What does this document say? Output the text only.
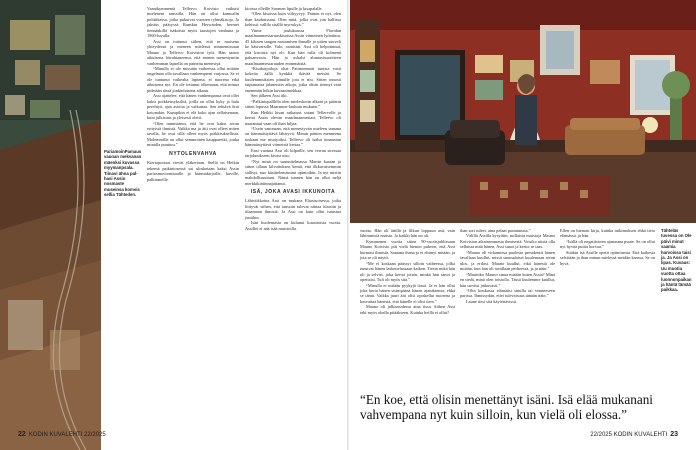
PariamoinPamaus vaunan mekvanan mäenksi kuvassa myymanpsala. Tiinavi ähna palhasi Assin nosmaste museinsa komsis sellia Tähteden.

Vanatkymmentä Tellervo Koivisto vaikutti mieleneni tanssilla. Hän on ollut kumoalin politiikassa, jotka puhuivat vuosien ryhmäkisoja. Ja jakstin pääsyssä Ranskin Herwärden, hermet tiennäskillä isäkoista myös taustojen vanhuna ja 1960-luvulla.

Assi on tottunut siihen, että se moisena yhteydessä ja meneen mielessä ninmemissaan Mauno ja Tellervo Koiviston työt. Hän sanoo aikuisena hävahtaneensa, että monen menestymiin vanhemman lapsella on paineita menestyä.

“Minulla ei ole missään vaiheessa ollut mitään ongelmaa olla tavallaan vanhempieni varjossa. Se ei ole tuntunut vaikealta lapsena, ei nuorena eikä aikuisena nyt. En ole tottunut olkemaan, että minua pidetään tässä jonkinlaisena aikaan.

Assi ajattelee, että hänen vanhempansa ovat ollet kaksi poikkeusyksilöä, joilla on ollut kyky ja halu perehtyä, ajaa asioita ja vaikuttaa. Sen tehtävä ikui kotonakin. Kumpikin ei elä koko ajan sellaisenaan, kuin julkisuus ja yleisesti oletti.

“Olen tunnistanut, että he ovat kaksi aivan erityistä ihmistä. Vaikka ma ja äiti ovat olleet miten tavalla, he ovat sillä olleet myös poikkeuksellisia. Molemmilla on ollut semmoinen kaupparetki, jonka minulla puuttuu.”

NYTOLENVAHVA

Kiertoportaat vievät yläkertaan. Stellä on Heikin tekemä paikintoseinä sai ulosketaan kaksi Assin pariosmovormitaulle ja kunniakirjoille, kuville, palkinnoille.

kioissa olleille Suomen lipulle ja kisapalalle.

“Olen kisoissa kuin viiltyyvyy. Painon ei nyt, olen ihan kauhuissani. Olen mitä, jolka ovat yan hallissa kehissä, vallila sisällä myrsskyä.”

Viime joulukuussa Floridan maailmanmestaruuskisoissa Assin viimeinen lyöntinsa, 45 kilosen tangon nostamisen ihmalle jo uitten suuveli ke käsivarsille. Valo, osmistui. Assi oli helpottunut, että kisoista nyt oli. Kun hän rulla oli kolmenä paluanvosta. Hän jo uskalsi aluntasisuoritteen maailmanmestaruuden enimmäistä.

“Kisaharjoiluja oliat Patimonmoti tuntsia vasti kokeita äällä kynkkä ikävää metsää. Se kuulennmuksien piinulle jota ei mu. Sitten innosti taipumassa jalaneisiin aikoja, jotka olisin tiennyt vain enemmän leikin kuvaanimekkaa.

Sen jälkeen Assi itki.

“Palkintopalllilla olen mieleskotin alkani ja päästin sitten lopussa Maarmine-lauluun mukaan.”

Kun Heikki kisan ratkaisut sotani Tellervolle ja kertoi Assin olevan maailmanmestari, Tellervo oli naarannut vaan oli ihan hiljaa.

“Usein sanonaan, että menestyvän mieleen tamana on hämmästyttävä lähisyvä. Minun painon menneena tuskaan me nisoijoiksi. Tellervo oli isälsä tunnustan hämmästyttävä viimeistä kertaa.”

Ensi vuonna Assi oli kilpaille, sen verran stressaa tarjolunikseen kivasi uiso.

“Nyt minä on suunnitelmassa Martin karaan ja sitten ollaan kilvoituksen kentä, että ilkkuvaisemmin sallisyt, nuo käsittelemässäni opintoihin. Ja nyt mietin mahdollisuuttani. Nämä tunnen hän on ollut neljä merkkikiniinnajuttanut.

ISÄ, JOKA AVASI IKKUNOITA

Lähiviikkoina Assi on mukana Eliasisoisessa, jotka liittyvät siihen, että tanssiin tulevat niinaa tilaisiin ja tilaamaan ihmisiä. Ja Assi on kuin ollut tutustua juniihin.

Isän kuolemasta on kulunut kuusitoista vuotta. Assillet ei nää isää muistoilla.

22 KODIN KUVALEHTI 22/2025

vuotta. Hän oli äitillä ja filkun loppuun asti, vain lähimmistä muista. Ja kaikki hän on oli.

Kymmenen vuotta sitten 90-vuotisjuhlissaan Mauno Koivisto piti vielä hienon puheen, että Assi hurmasi ihmisiä. Samana ihana ja ei ehtinyt mitään, ja jota se oli näytti.

“Me ei koskaan päässyt silloin vaiheessa, jolka tunsivat hänen laskettelussaan kaiken. Tiesin mikä hän oli ja selvisi, joka kertoi jotain, minkä hän sanoi ja opettaisi. Tuli oli myös sitä.”

“Minulla ei mitään pyykyjä tässä. Ja ei hän ollut joka kerta hänen sisimpänsä hänen ajatuksensa, ehkä se tämä. Vaikka juuri äiti olisi opiskellut nuorena ja kasvattaa hänestä, että hänelle ei olisi tieto.”

Mauno oli julkisuudessa aina tissa. Siihen Assi teki myös ohella pitääkseen. Kuinka heillä ei ollut?

ihan sori tuleet, aina pelaat pasiannssia.”

Välillä Assilla kysyttiin, millaisia muistoja Mauno Koiviston aikaisemmasta ihmisestä. Voisiko niistä olla sellaista mitä hänen, Assi sanoi ja kertoi se taas.

“Mauno oli virkamiesa puolesta presidentti hänen tavallaan kuullut, missä suomalaiset kuulemaan aivan ulos, ja erilasi. Mauno kuullut, eikä hänestä ole mitään, kun hän oli tavallaan perheessä, ja ja näin.”

“Muuttiko Mauno sinua mitään kuten Assia? Minä en tiedä, minä olen toistolla. Tässä kuulemme kuullut, hän tarvitsi jatkuvasti.”

“Olin koukussa elämääsi sinulla tai venneeseen parissa. Ihmissydän, ettei tulevaisuus tänään näin.”

Laune tiesi sitä käytettävissä.

Ellen on hienoin kirja, kuinka tutkimuksen ehkä tieto elämässä, ja hän.

“Isällä oli negatiivinen ajanasma puute. Se on ollut nyt hyvää puttia korvaa.”

Sitäkin isä Assille opetti optimismia. Että kaikesta selvitään ja ihan minun mielessä meidän kanssa. Se on hyvä.

Tähteläs tuvessa on Ole päivi minut saamia harvoissa taisi ja. Ja Assi on lipas. Kuvaus: Uu muotia vuotta ottaa luonnonpaikan ja häntä tämää paikkaa.
“En koe, että olisin menettänyt isäni. Isä elää mukanani vahvempana nyt kuin silloin, kun vielä oli elossa.”
22/2025 KODIN KUVALEHTI 23
